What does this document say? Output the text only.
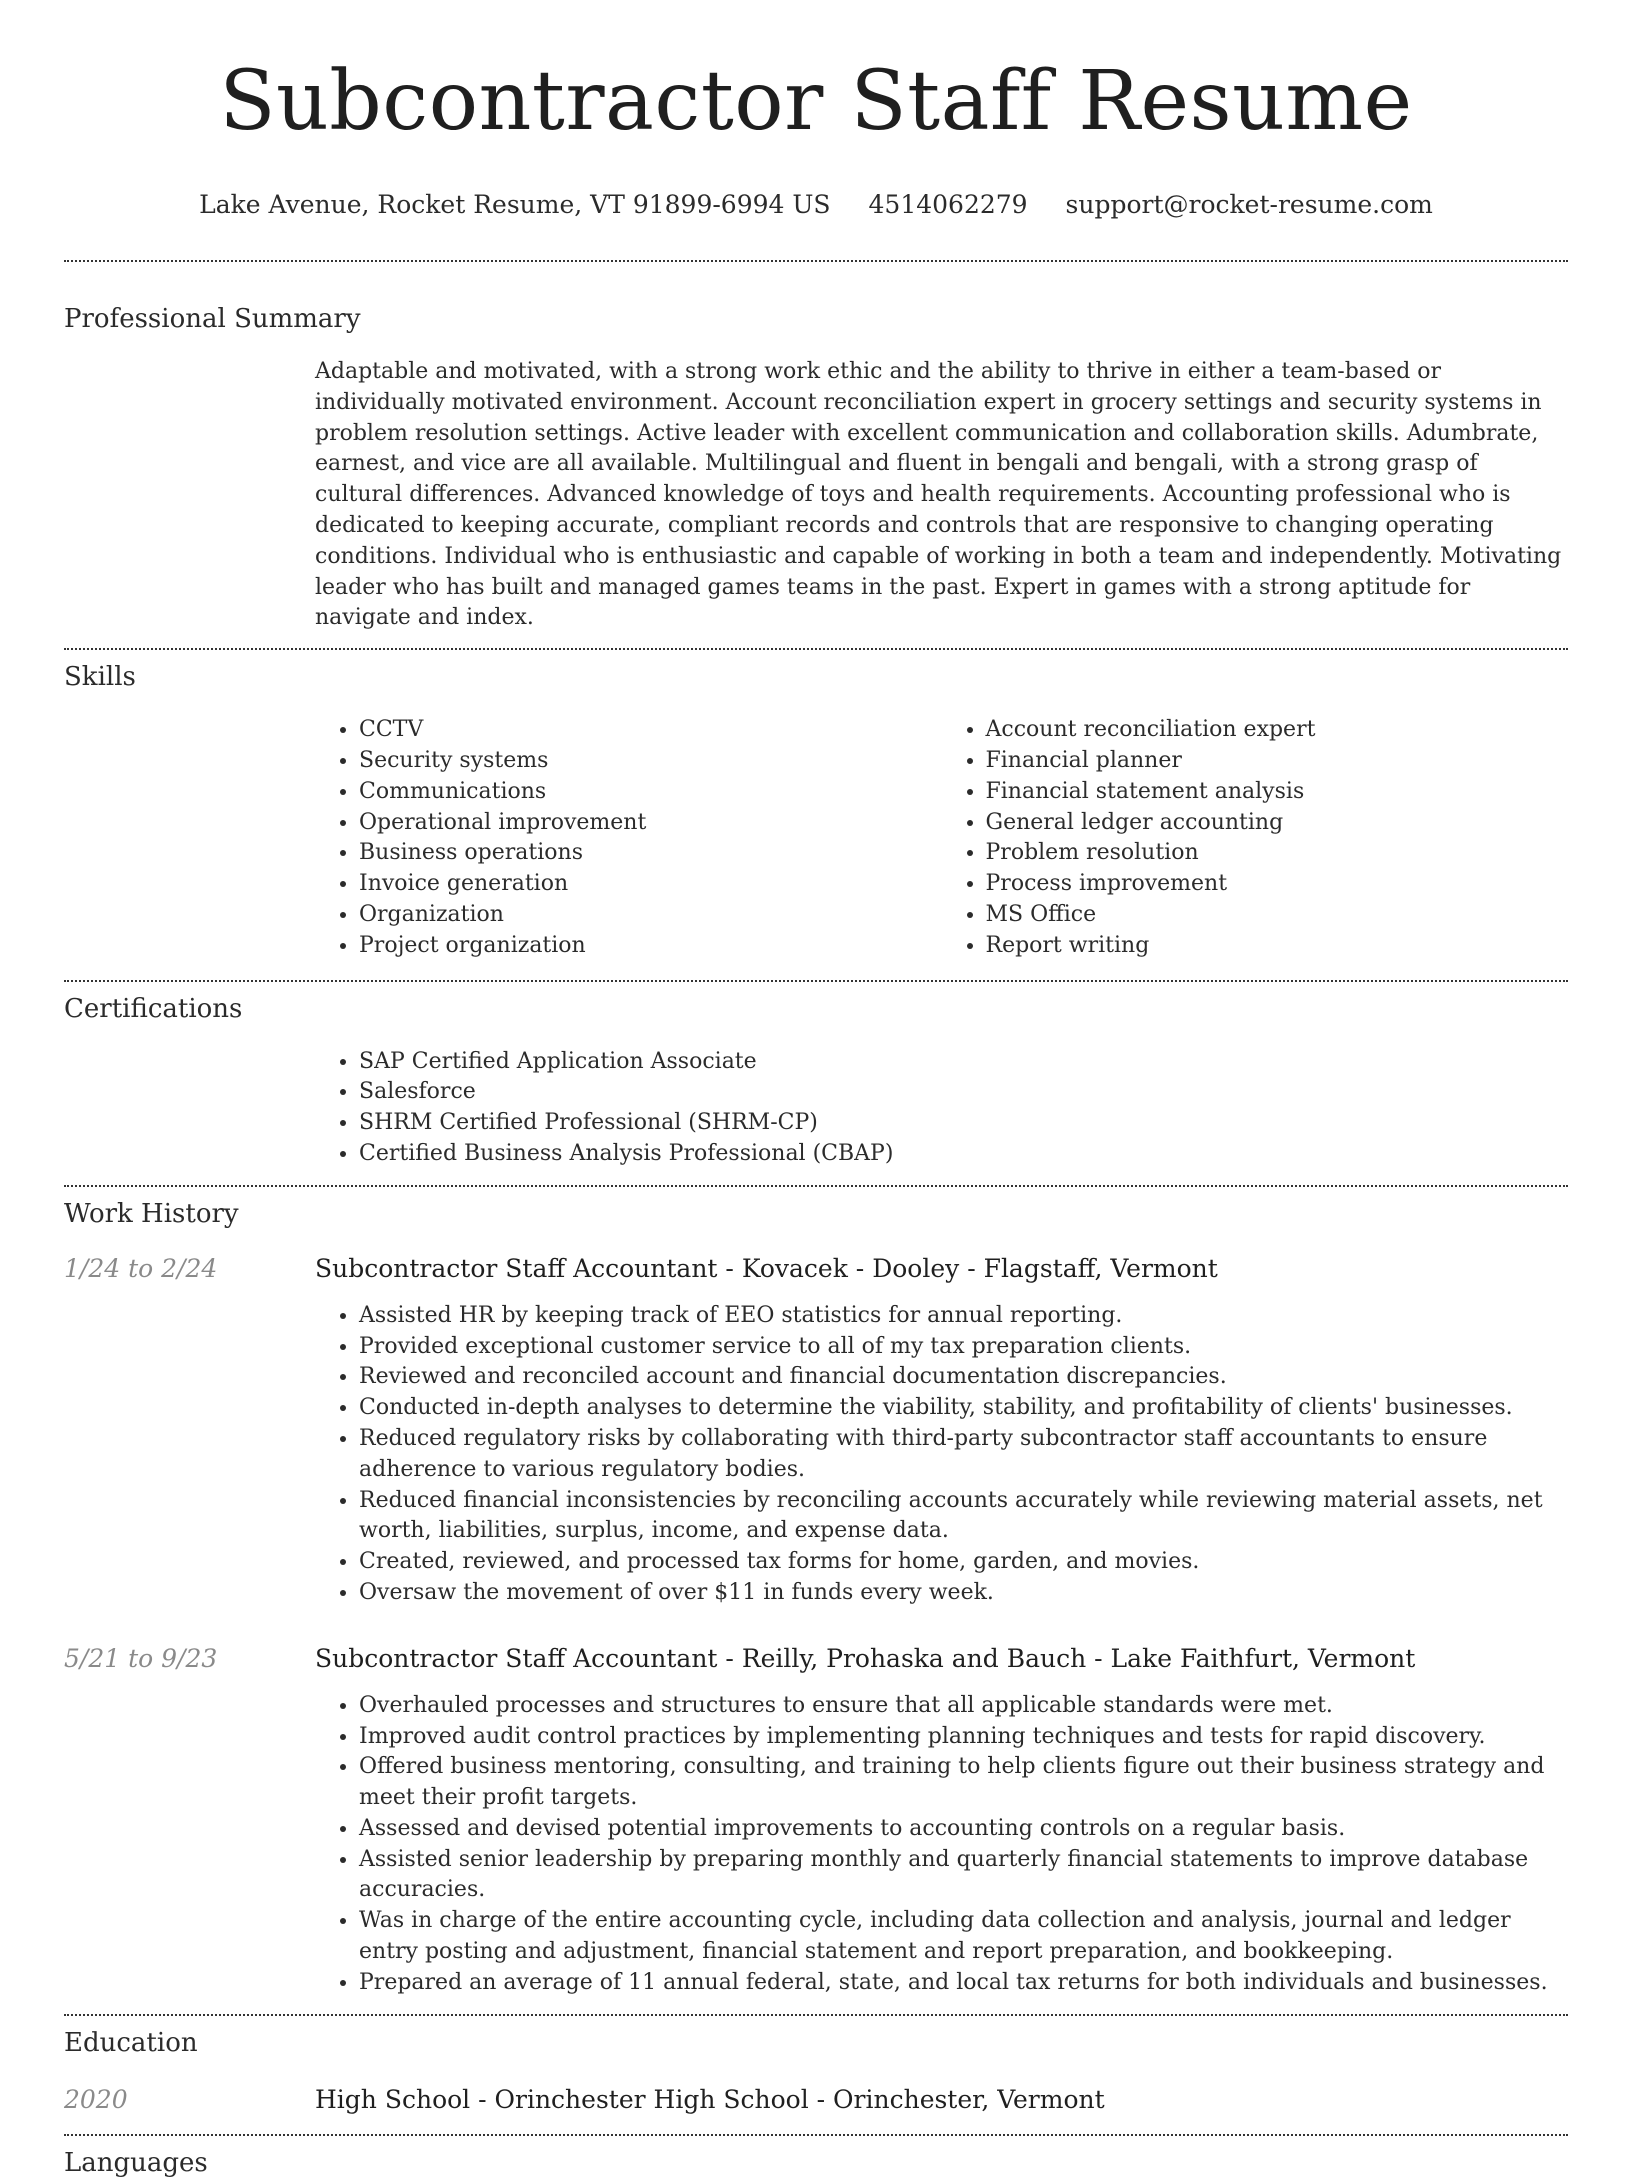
Subcontractor Staff Resume
Lake Avenue, Rocket Resume, VT 91899-6994 US 4514062279 support@rocket-resume.com
Professional Summary
Adaptable and motivated, with a strong work ethic and the ability to thrive in either a team-based or individually motivated environment. Account reconciliation expert in grocery settings and security systems in problem resolution settings. Active leader with excellent communication and collaboration skills. Adumbrate, earnest, and vice are all available. Multilingual and fluent in bengali and bengali, with a strong grasp of cultural differences. Advanced knowledge of toys and health requirements. Accounting professional who is dedicated to keeping accurate, compliant records and controls that are responsive to changing operating conditions. Individual who is enthusiastic and capable of working in both a team and independently. Motivating leader who has built and managed games teams in the past. Expert in games with a strong aptitude for navigate and index.
Skills
• CCTV
• Security systems
• Communications
• Operational improvement
• Business operations
• Invoice generation
• Organization
• Project organization
• Account reconciliation expert
• Financial planner
• Financial statement analysis
• General ledger accounting
• Problem resolution
• Process improvement
• MS Office
• Report writing
Certifications
• SAP Certified Application Associate
• Salesforce
• SHRM Certified Professional (SHRM-CP)
• Certified Business Analysis Professional (CBAP)
Work History
1/24 to 2/24	Subcontractor Staff Accountant - Kovacek - Dooley - Flagstaff, Vermont
• Assisted HR by keeping track of EEO statistics for annual reporting.
• Provided exceptional customer service to all of my tax preparation clients.
• Reviewed and reconciled account and financial documentation discrepancies.
• Conducted in-depth analyses to determine the viability, stability, and profitability of clients' businesses.
• Reduced regulatory risks by collaborating with third-party subcontractor staff accountants to ensure adherence to various regulatory bodies.
• Reduced financial inconsistencies by reconciling accounts accurately while reviewing material assets, net worth, liabilities, surplus, income, and expense data.
• Created, reviewed, and processed tax forms for home, garden, and movies.
• Oversaw the movement of over $11 in funds every week.
5/21 to 9/23	Subcontractor Staff Accountant - Reilly, Prohaska and Bauch - Lake Faithfurt, Vermont
• Overhauled processes and structures to ensure that all applicable standards were met.
• Improved audit control practices by implementing planning techniques and tests for rapid discovery.
• Offered business mentoring, consulting, and training to help clients figure out their business strategy and meet their profit targets.
• Assessed and devised potential improvements to accounting controls on a regular basis.
• Assisted senior leadership by preparing monthly and quarterly financial statements to improve database accuracies.
• Was in charge of the entire accounting cycle, including data collection and analysis, journal and ledger entry posting and adjustment, financial statement and report preparation, and bookkeeping.
• Prepared an average of 11 annual federal, state, and local tax returns for both individuals and businesses.
Education
2020	High School - Orinchester High School - Orinchester, Vermont
Languages
